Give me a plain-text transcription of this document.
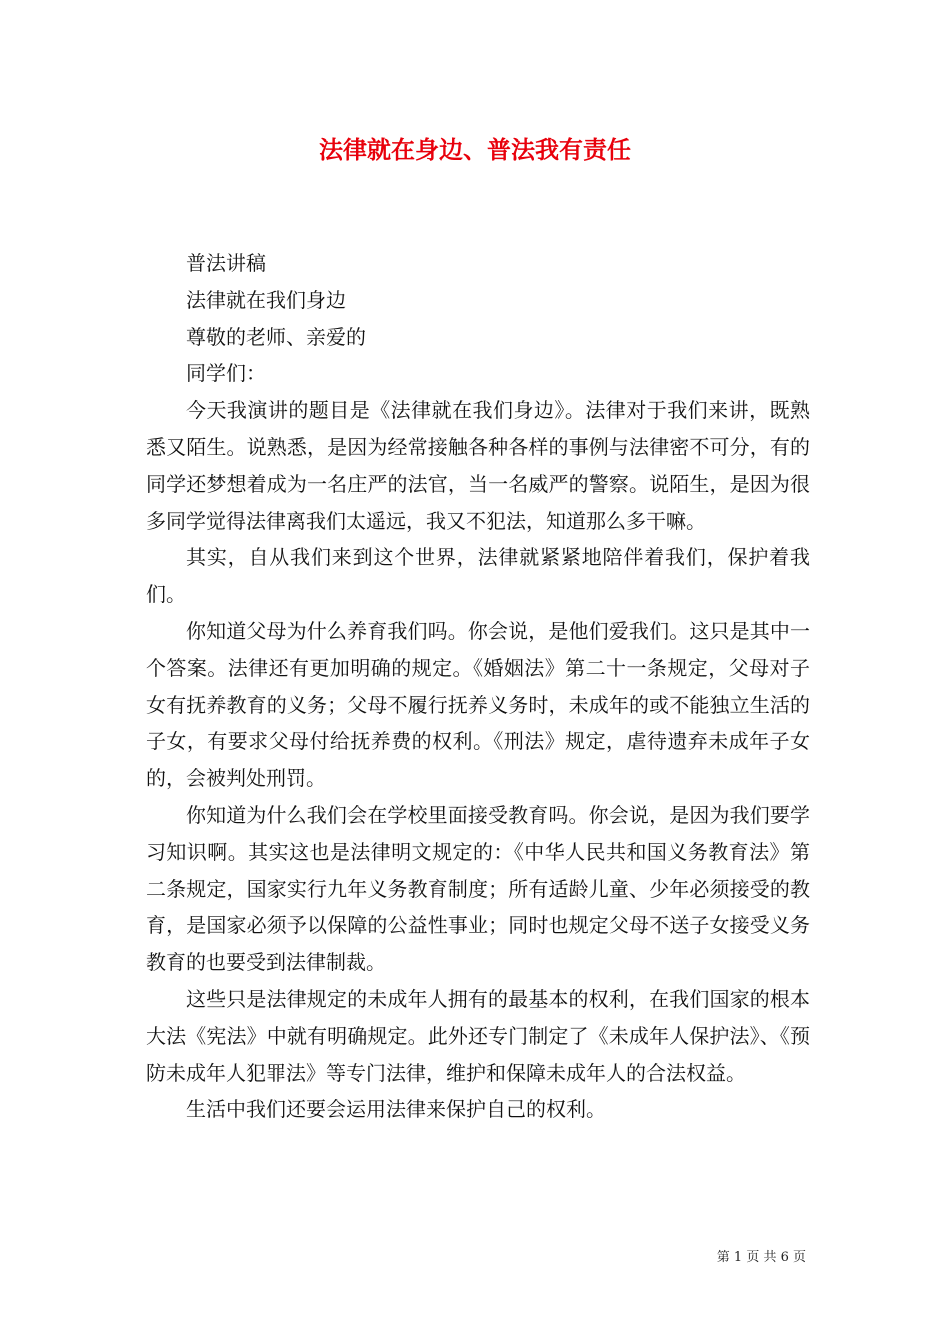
法律就在身边、普法我有责任

普法讲稿

法律就在我们身边

尊敬的老师、亲爱的

同学们：

今天我演讲的题目是《法律就在我们身边》。法律对于我们来讲，既熟悉又陌生。说熟悉，是因为经常接触各种各样的事例与法律密不可分，有的同学还梦想着成为一名庄严的法官，当一名威严的警察。说陌生，是因为很多同学觉得法律离我们太遥远，我又不犯法，知道那么多干嘛。

其实，自从我们来到这个世界，法律就紧紧地陪伴着我们，保护着我们。

你知道父母为什么养育我们吗。你会说，是他们爱我们。这只是其中一个答案。法律还有更加明确的规定。《婚姻法》第二十一条规定，父母对子女有抚养教育的义务；父母不履行抚养义务时，未成年的或不能独立生活的子女，有要求父母付给抚养费的权利。《刑法》规定，虐待遗弃未成年子女的，会被判处刑罚。

你知道为什么我们会在学校里面接受教育吗。你会说，是因为我们要学习知识啊。其实这也是法律明文规定的：《中华人民共和国义务教育法》第二条规定，国家实行九年义务教育制度；所有适龄儿童、少年必须接受的教育，是国家必须予以保障的公益性事业；同时也规定父母不送子女接受义务教育的也要受到法律制裁。

这些只是法律规定的未成年人拥有的最基本的权利，在我们国家的根本大法《宪法》中就有明确规定。此外还专门制定了《未成年人保护法》、《预防未成年人犯罪法》等专门法律，维护和保障未成年人的合法权益。

生活中我们还要会运用法律来保护自己的权利。

第 1 页 共 6 页
